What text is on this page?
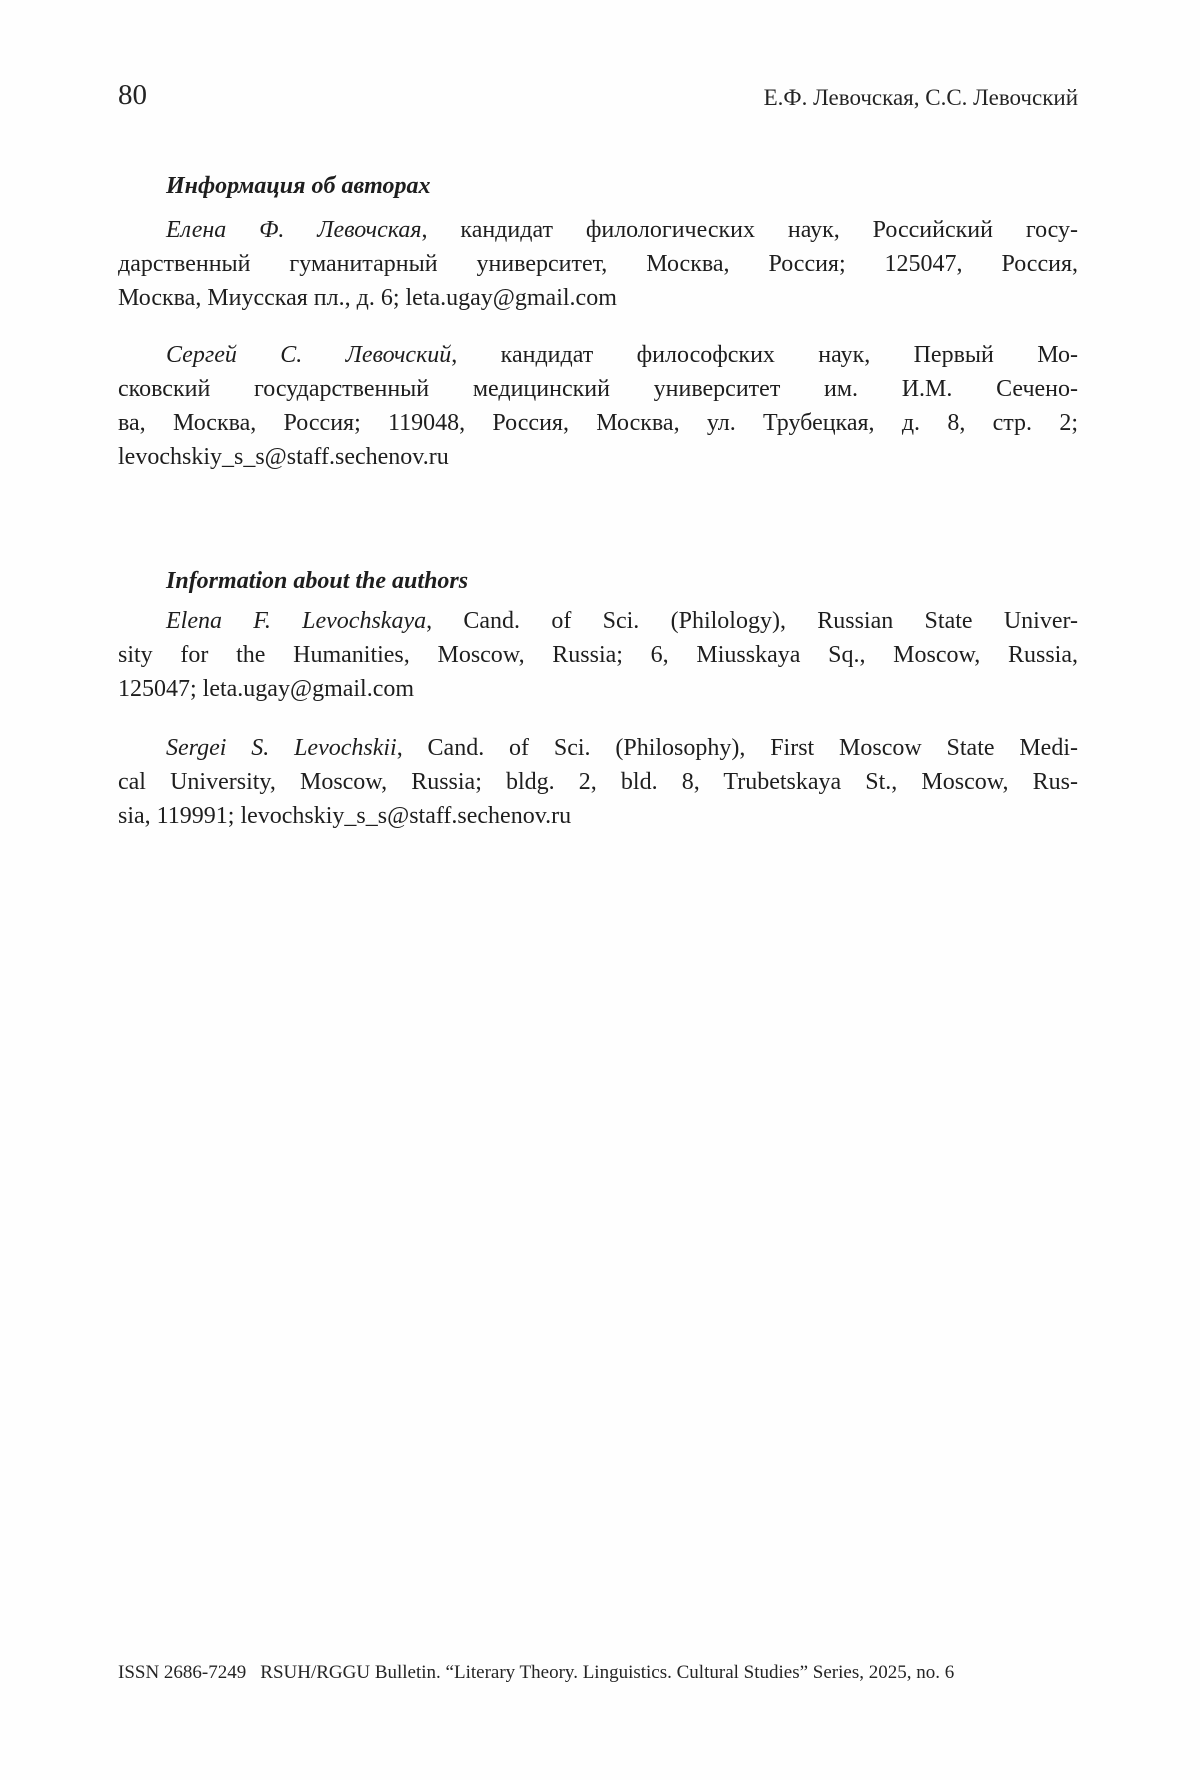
80	Е.Ф. Левочская, С.С. Левочский
Информация об авторах
Елена Ф. Левочская, кандидат филологических наук, Российский госу-
дарственный гуманитарный университет, Москва, Россия; 125047, Россия,
Москва, Миусская пл., д. 6; leta.ugay@gmail.com
Сергей С. Левочский, кандидат философских наук, Первый Мо-
сковский государственный медицинский университет им. И.М. Сечено-
ва, Москва, Россия; 119048, Россия, Москва, ул. Трубецкая, д. 8, стр. 2;
levochskiy_s_s@staff.sechenov.ru
Information about the authors
Elena F. Levochskaya, Cand. of Sci. (Philology), Russian State Univer-
sity for the Humanities, Moscow, Russia; 6, Miusskaya Sq., Moscow, Russia,
125047; leta.ugay@gmail.com
Sergei S. Levochskii, Cand. of Sci. (Philosophy), First Moscow State Medi-
cal University, Moscow, Russia; bldg. 2, bld. 8, Trubetskaya St., Moscow, Rus-
sia, 119991; levochskiy_s_s@staff.sechenov.ru
ISSN 2686-7249 RSUH/RGGU Bulletin. “Literary Theory. Linguistics. Cultural Studies” Series, 2025, no. 6
